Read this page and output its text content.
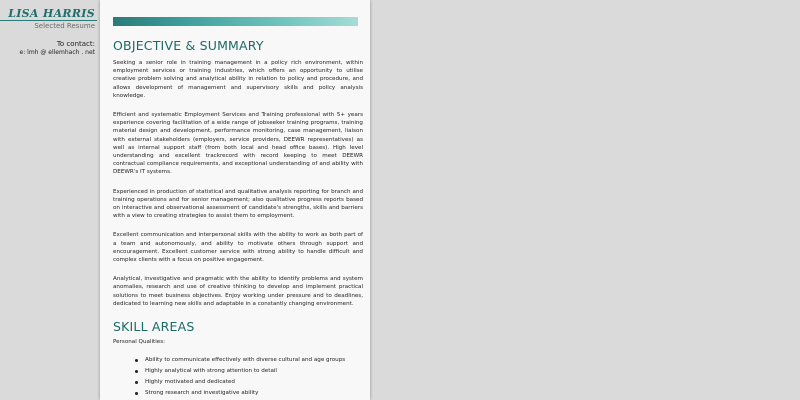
LISA HARRIS
Selected Resume
To contact:
e: lmh @ ellemhach . net OBJECTIVE & SUMMARY

Seeking a senior role in training management in a policy rich environment, within employment services or training industries, which offers an opportunity to utilise creative problem solving and analytical ability in relation to policy and procedure, and allows development of management and supervisory skills and policy analysis knowledge.

Efficient and systematic Employment Services and Training professional with 5+ years experience covering facilitation of a wide range of jobseeker training programs, training material design and development, performance monitoring, case management, liaison with external stakeholders (employers, service providers, DEEWR representatives) as well as internal support staff (from both local and head office bases). High level understanding and excellent trackrecord with record keeping to meet DEEWR contractual compliance requirements, and exceptional understanding of and ability with DEEWR's IT systems.

Experienced in production of statistical and qualitative analysis reporting for branch and training operations and for senior management; also qualitative progress reports based on interactive and observational assessment of candidate's strengths, skills and barriers with a view to creating strategies to assist them to employment.

Excellent communication and interpersonal skills with the ability to work as both part of a team and autonomously, and ability to motivate others through support and encouragement. Excellent customer service with strong ability to handle difficult and complex clients with a focus on positive engagement.

Analytical, investigative and pragmatic with the ability to identify problems and system anomalies, research and use of creative thinking to develop and implement practical solutions to meet business objectives. Enjoy working under pressure and to deadlines, dedicated to learning new skills and adaptable in a constantly changing environment.

SKILL AREAS

Personal Qualities:

Ability to communicate effectively with diverse cultural and age groups
Highly analytical with strong attention to detail
Highly motivated and dedicated
Strong research and investigative ability
